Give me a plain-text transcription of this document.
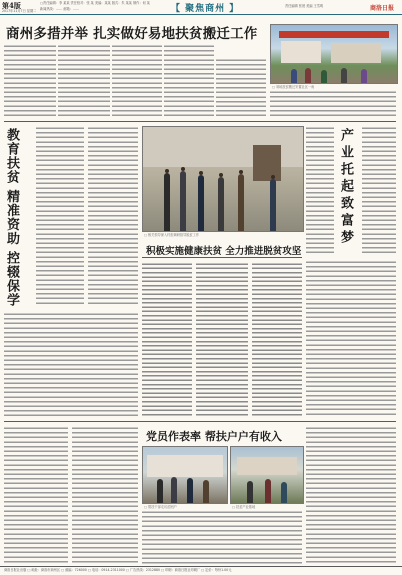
第4版
2017年11月7日 星期二
□责任编辑：李 某某 责任校对：张 某 美编：某某 版式：朱 某某 制作：何 某
新闻热线：…… 邮箱：……	【 聚焦商州 】	责任编辑 张晨 美编 王雪明	商洛日报
商州多措并举 扎实做好易地扶贫搬迁工作
□ 易地扶贫搬迁安置社区一角
教育扶贫 精准资助 控辍保学	□ 相关领导深入村组调研指导脱贫工作
积极实施健康扶贫 全力推进脱贫攻坚
产业托起致富梦
党员作表率 帮扶户户有收入
□ 帮扶干部走访贫困户	□ 扶贫产业基地
商洛日报社出版 □ 地址：商洛市商州区 □ 邮编：726000 □ 电话：0914-2311000 □ 广告热线：2312880 □ 印刷：商洛日报社印刷厂 □ 定价：每份1.00元
